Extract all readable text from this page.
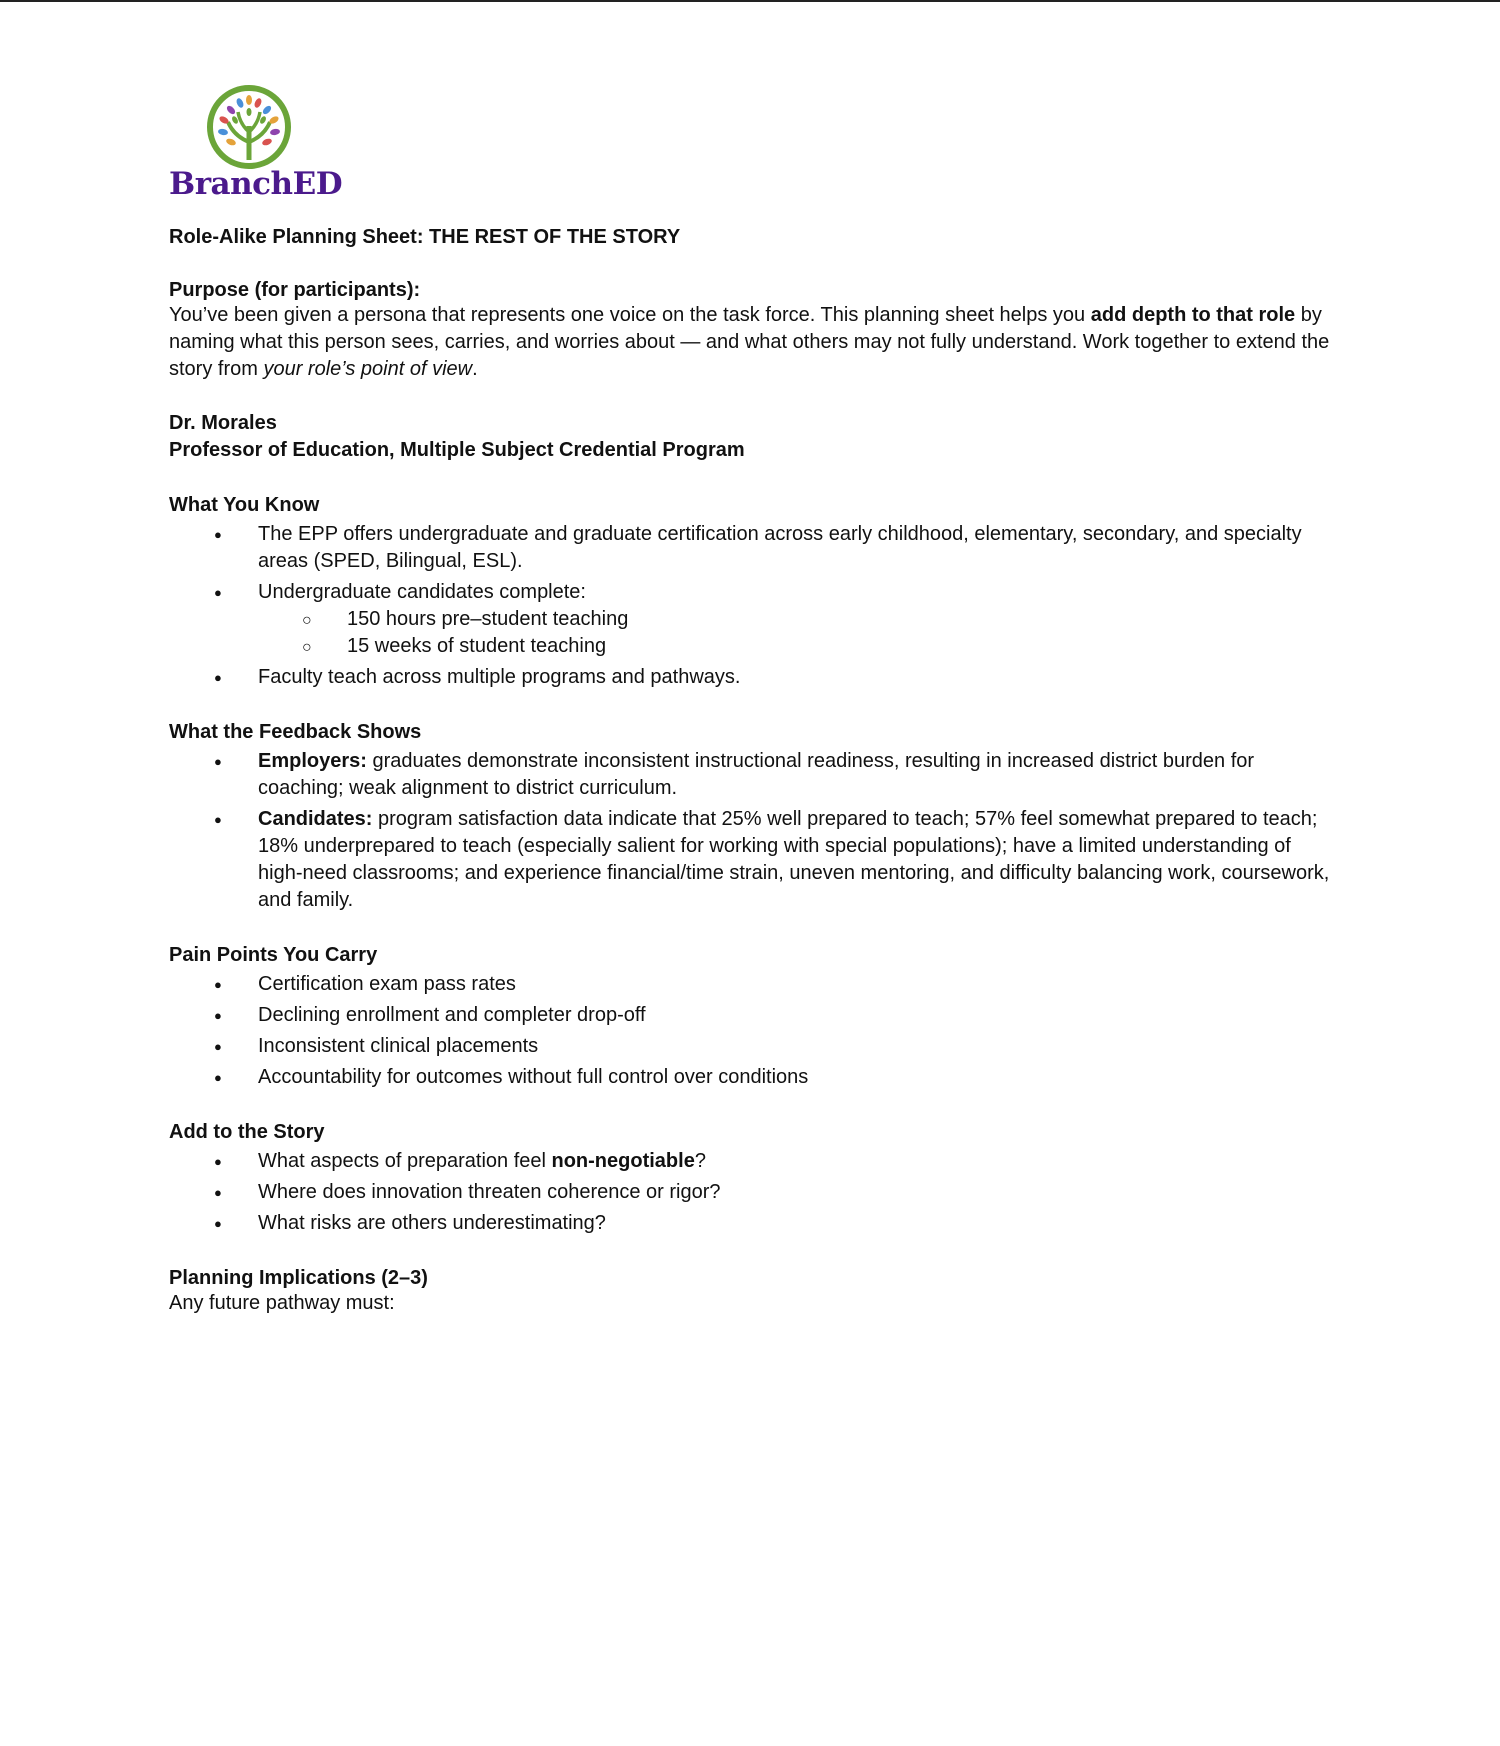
BranchED
Role-Alike Planning Sheet: THE REST OF THE STORY
Purpose (for participants):

You’ve been given a persona that represents one voice on the task force. This planning sheet helps you add depth to that role by naming what this person sees, carries, and worries about — and what others may not fully understand. Work together to extend the story from your role’s point of view.

Dr. Morales
Professor of Education, Multiple Subject Credential Program
What You Know
● The EPP offers undergraduate and graduate certification across early childhood, elementary, secondary, and specialty areas (SPED, Bilingual, ESL).
● Undergraduate candidates complete:
○ 150 hours pre–student teaching
○ 15 weeks of student teaching
● Faculty teach across multiple programs and pathways.
What the Feedback Shows
● Employers: graduates demonstrate inconsistent instructional readiness, resulting in increased district burden for coaching; weak alignment to district curriculum.
● Candidates: program satisfaction data indicate that 25% well prepared to teach; 57% feel somewhat prepared to teach; 18% underprepared to teach (especially salient for working with special populations); have a limited understanding of high-need classrooms; and experience financial/time strain, uneven mentoring, and difficulty balancing work, coursework, and family.
Pain Points You Carry
● Certification exam pass rates
● Declining enrollment and completer drop-off
● Inconsistent clinical placements
● Accountability for outcomes without full control over conditions
Add to the Story
● What aspects of preparation feel non-negotiable?
● Where does innovation threaten coherence or rigor?
● What risks are others underestimating?
Planning Implications (2–3)

Any future pathway must:
